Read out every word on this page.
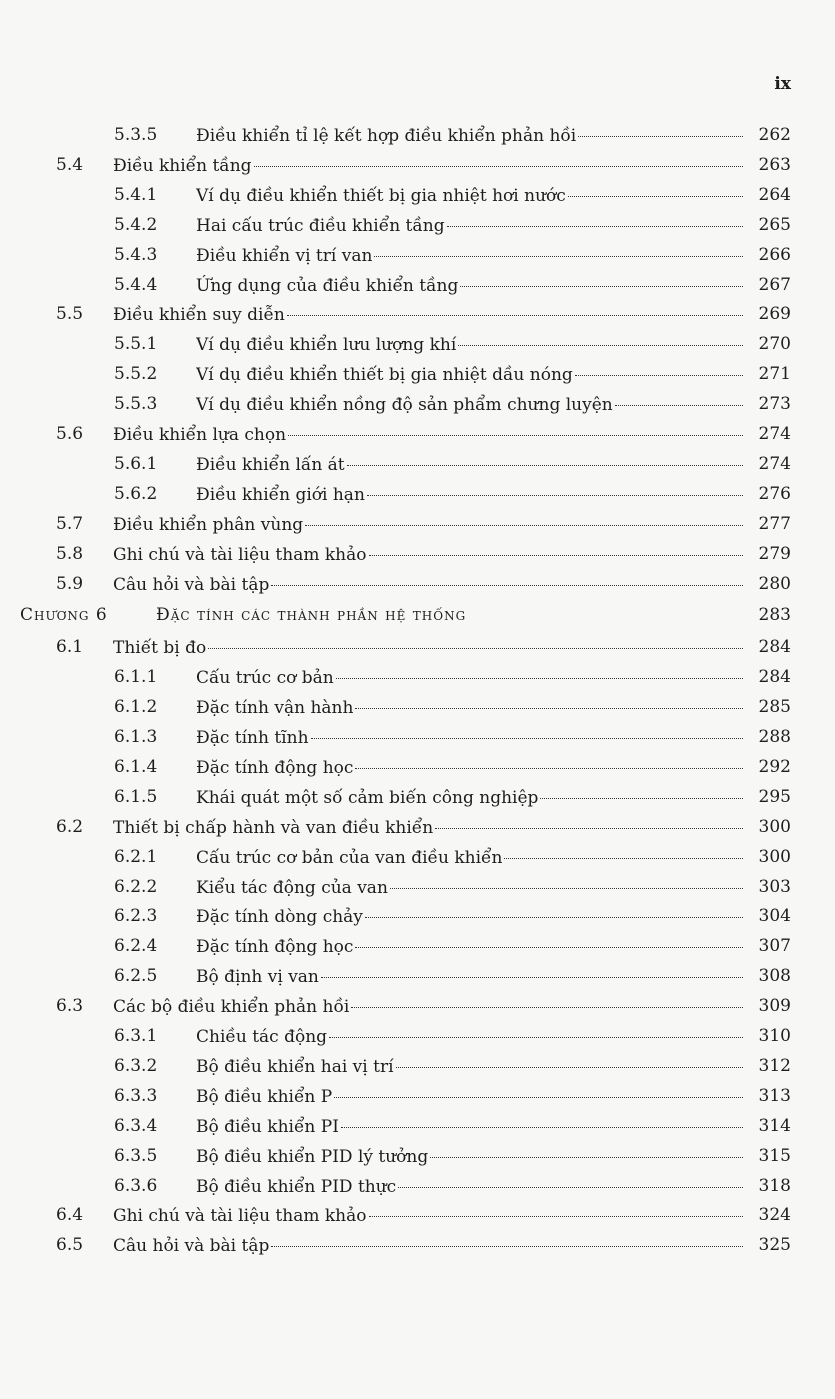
ix
5.3.5 Điều khiển tỉ lệ kết hợp điều khiển phản hồi	262
5.4 Điều khiển tầng	263
5.4.1 Ví dụ điều khiển thiết bị gia nhiệt hơi nước	264
5.4.2 Hai cấu trúc điều khiển tầng	265
5.4.3 Điều khiển vị trí van	266
5.4.4 Ứng dụng của điều khiển tầng	267
5.5 Điều khiển suy diễn	269
5.5.1 Ví dụ điều khiển lưu lượng khí	270
5.5.2 Ví dụ điều khiển thiết bị gia nhiệt dầu nóng	271
5.5.3 Ví dụ điều khiển nồng độ sản phẩm chưng luyện	273
5.6 Điều khiển lựa chọn	274
5.6.1 Điều khiển lấn át	274
5.6.2 Điều khiển giới hạn	276
5.7 Điều khiển phân vùng	277
5.8 Ghi chú và tài liệu tham khảo	279
5.9 Câu hỏi và bài tập	280
Chương 6	Đặc tính các thành phần hệ thống	283
6.1 Thiết bị đo	284
6.1.1 Cấu trúc cơ bản	284
6.1.2 Đặc tính vận hành	285
6.1.3 Đặc tính tĩnh	288
6.1.4 Đặc tính động học	292
6.1.5 Khái quát một số cảm biến công nghiệp	295
6.2 Thiết bị chấp hành và van điều khiển	300
6.2.1 Cấu trúc cơ bản của van điều khiển	300
6.2.2 Kiểu tác động của van	303
6.2.3 Đặc tính dòng chảy	304
6.2.4 Đặc tính động học	307
6.2.5 Bộ định vị van	308
6.3 Các bộ điều khiển phản hồi	309
6.3.1 Chiều tác động	310
6.3.2 Bộ điều khiển hai vị trí	312
6.3.3 Bộ điều khiển P	313
6.3.4 Bộ điều khiển PI	314
6.3.5 Bộ điều khiển PID lý tưởng	315
6.3.6 Bộ điều khiển PID thực	318
6.4 Ghi chú và tài liệu tham khảo	324
6.5 Câu hỏi và bài tập	325
